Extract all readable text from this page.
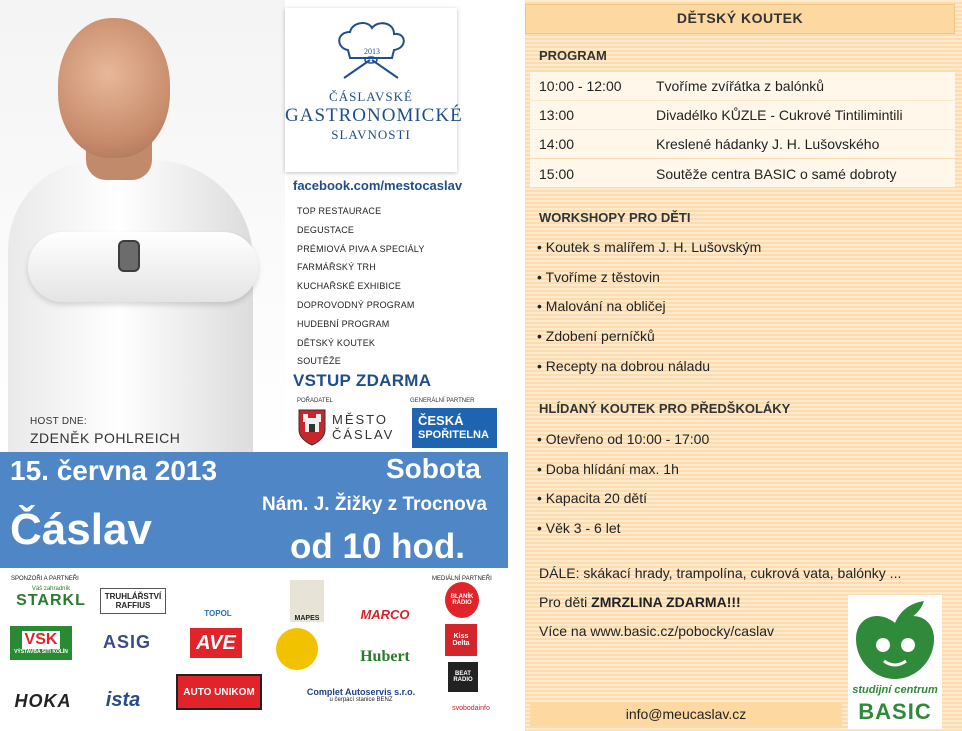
HOST DNE:
ZDENĚK POHLREICH
2013
ČÁSLAVSKÉ
GASTRONOMICKÉ
SLAVNOSTI
facebook.com/mestocaslav
TOP RESTAURACE
DEGUSTACE
PRÉMIOVÁ PIVA A SPECIÁLY
FARMÁŘSKÝ TRH
KUCHAŘSKÉ EXHIBICE
DOPROVODNÝ PROGRAM
HUDEBNÍ PROGRAM
DĚTSKÝ KOUTEK
SOUTĚŽE
VSTUP ZDARMA
POŘADATEL	GENERÁLNÍ PARTNER
MĚSTO
ČÁSLAV
ČESKÁ
SPOŘITELNA
15. června 2013	Sobota
Nám. J. Žižky z Trocnova
Čáslav	od 10 hod.
SPONZOŘI A PARTNEŘI	MEDIÁLNÍ PARTNEŘI
Váš zahradník
STARKL TRUHLÁŘSTVÍ
RAFFIUS
TOPOL
MAPES	MARCO
BLANÍK RÁDIO
VSK
VÝSTAVBA SÍTÍ KOLÍN
ASIG AVE
Hubert
Kiss Delta
HOKA ista	AUTO UNIKOM	Complet Autoservis s.r.o.
u čerpací stanice BENZ
BEAT RADIO
svobodainfo
DĚTSKÝ KOUTEK
PROGRAM
10:00 - 12:00 Tvoříme zvířátka z balónků
13:00	Divadélko KŮZLE - Cukrové Tintilimintili
14:00	Kreslené hádanky J. H. Lušovského
15:00	Soutěže centra BASIC o samé dobroty
WORKSHOPY PRO DĚTI
• Koutek s malířem J. H. Lušovským
• Tvoříme z těstovin
• Malování na obličej
• Zdobení perníčků
• Recepty na dobrou náladu
HLÍDANÝ KOUTEK PRO PŘEDŠKOLÁKY
• Otevřeno od 10:00 - 17:00
• Doba hlídání max. 1h
• Kapacita 20 dětí
• Věk 3 - 6 let
DÁLE: skákací hrady, trampolína, cukrová vata, balónky ...
Pro děti ZMRZLINA ZDARMA!!!
Více na www.basic.cz/pobocky/caslav
info@meucaslav.cz
studijní centrum
BASIC
